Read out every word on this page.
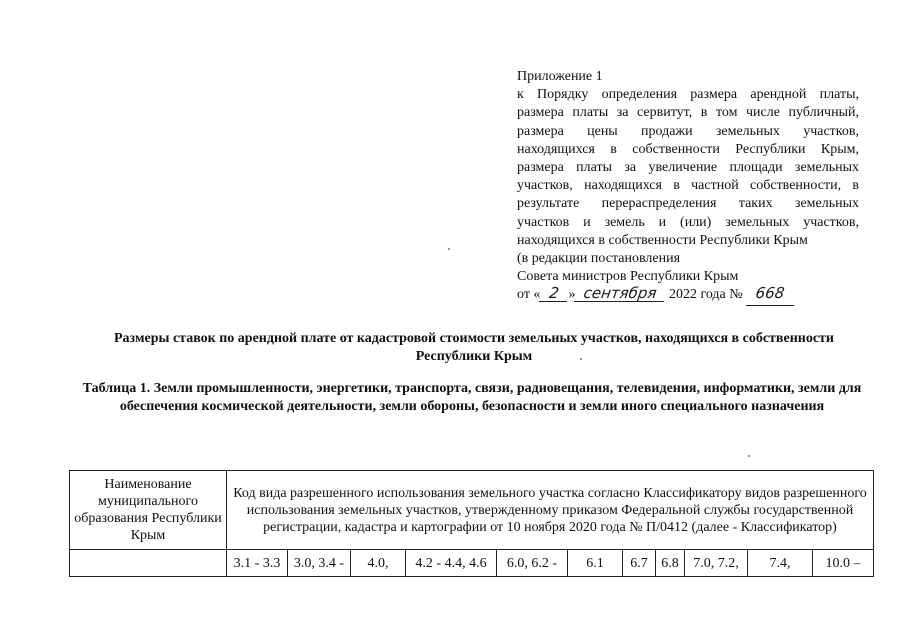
Приложение 1
к Порядку определения размера арендной платы,
размера платы за сервитут, в том числе публичный,
размера цены продажи земельных участков,
находящихся в собственности Республики Крым,
размера платы за увеличение площади земельных
участков, находящихся в частной собственности, в
результате перераспределения таких земельных
участков и земель и (или) земельных участков,
находящихся в собственности Республики Крым
(в редакции постановления
Совета министров Республики Крым
от « 2 » сентября 2022 года № 668
Размеры ставок по арендной плате от кадастровой стоимости земельных участков, находящихся в собственности Республики Крым
Таблица 1. Земли промышленности, энергетики, транспорта, связи, радиовещания, телевидения, информатики, земли для обеспечения космической деятельности, земли обороны, безопасности и земли иного специального назначения
Наименование муниципального образования Республики Крым	Код вида разрешенного использования земельного участка согласно Классификатору видов разрешенного использования земельных участков, утвержденному приказом Федеральной службы государственной регистрации, кадастра и картографии от 10 ноября 2020 года № П/0412 (далее - Классификатор)										
	3.1 - 3.3	3.0, 3.4 -	4.0,	4.2 - 4.4, 4.6	6.0, 6.2 -	6.1	6.7	6.8	7.0, 7.2,	7.4,	10.0 –
